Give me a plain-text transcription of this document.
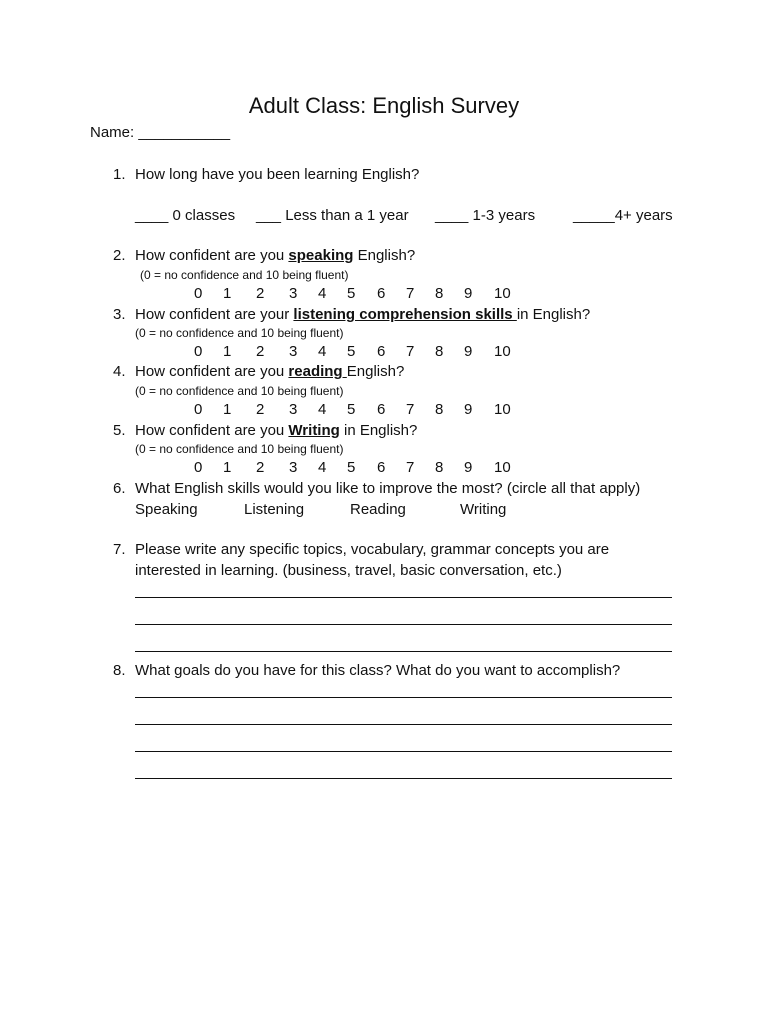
Adult Class: English Survey
Name: ___________
1. How long have you been learning English?
____ 0 classes ___ Less than a 1 year ____ 1-3 years	_____4+ years
2. How confident are you speaking English?
(0 = no confidence and 10 being fluent)
0 1 2 3 4 5 6 7 8 9 10
3. How confident are your listening comprehension skills in English?
(0 = no confidence and 10 being fluent)
0 1 2 3 4 5 6 7 8 9 10
4. How confident are you reading English?
(0 = no confidence and 10 being fluent)
0 1 2 3 4 5 6 7 8 9 10
5. How confident are you Writing in English?
(0 = no confidence and 10 being fluent)
0 1 2 3 4 5 6 7 8 9 10
6. What English skills would you like to improve the most? (circle all that apply)
Speaking	Listening	Reading	Writing
7. Please write any specific topics, vocabulary, grammar concepts you are
interested in learning. (business, travel, basic conversation, etc.)
8. What goals do you have for this class? What do you want to accomplish?
